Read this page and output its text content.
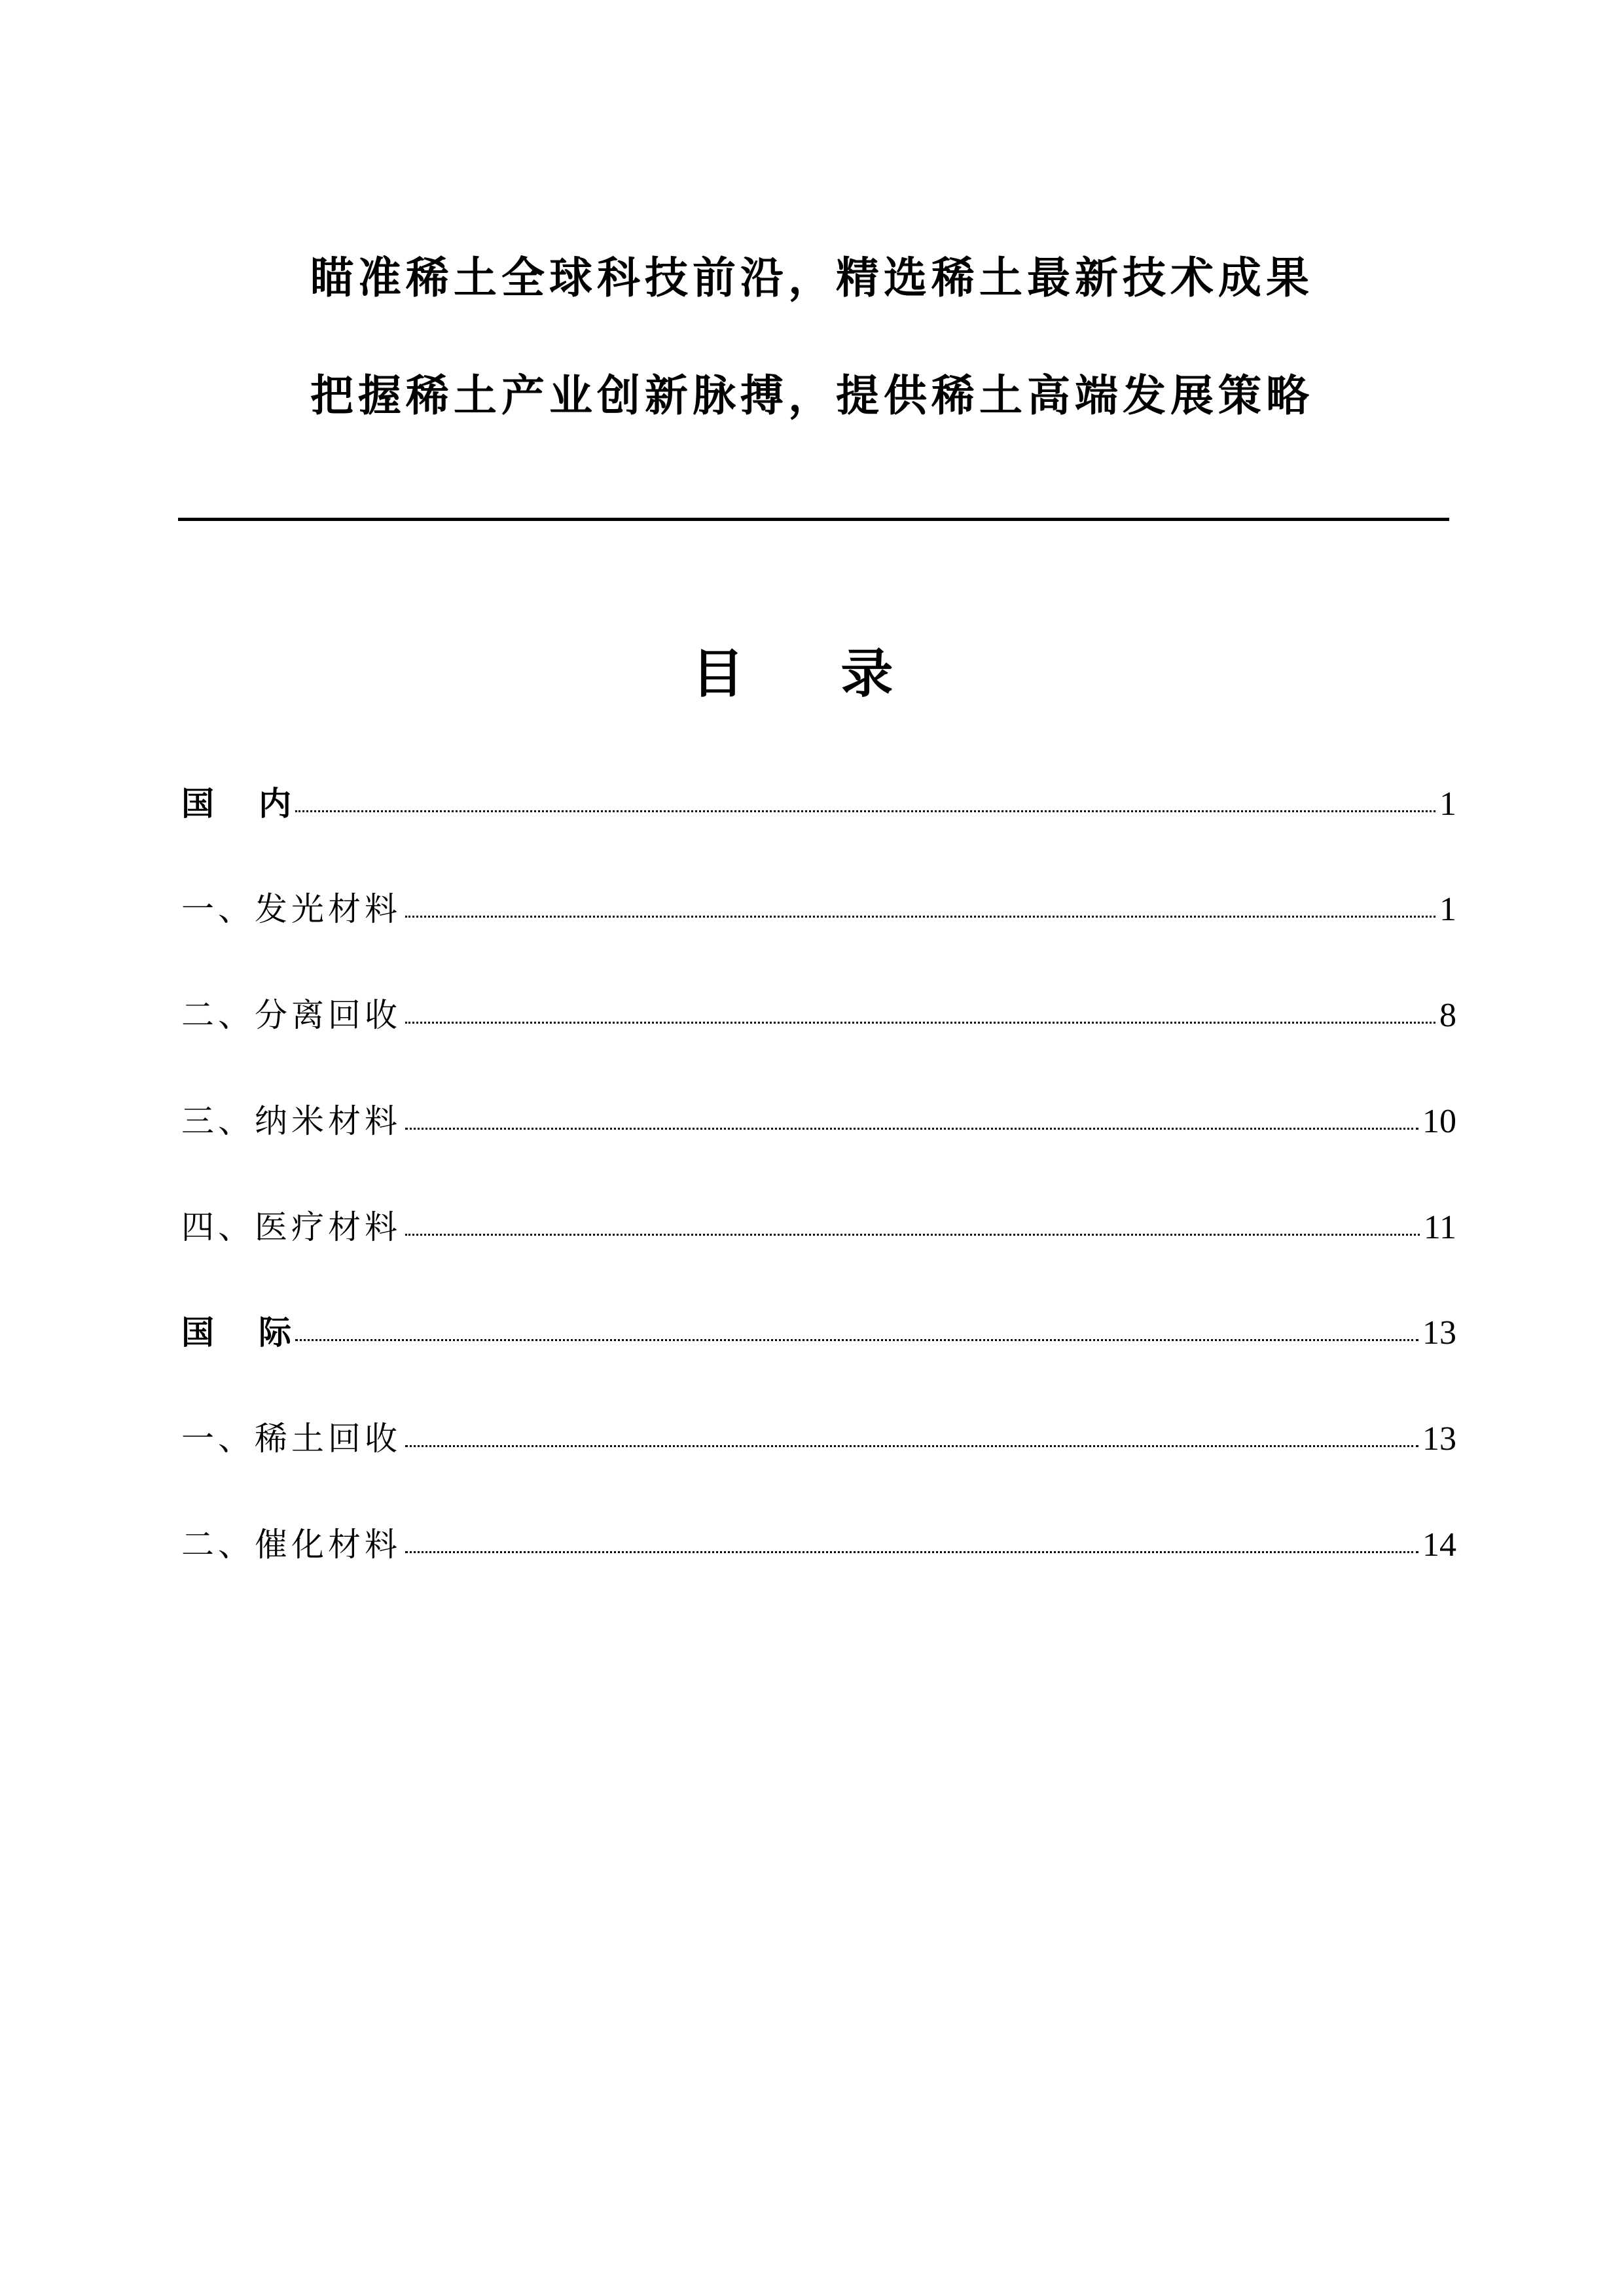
瞄准稀土全球科技前沿，精选稀土最新技术成果
把握稀土产业创新脉搏，提供稀土高端发展策略
目 录
国 内	1
一、发光材料	1
二、分离回收	8
三、纳米材料	10
四、医疗材料	11
国 际	13
一、稀土回收	13
二、催化材料	14
